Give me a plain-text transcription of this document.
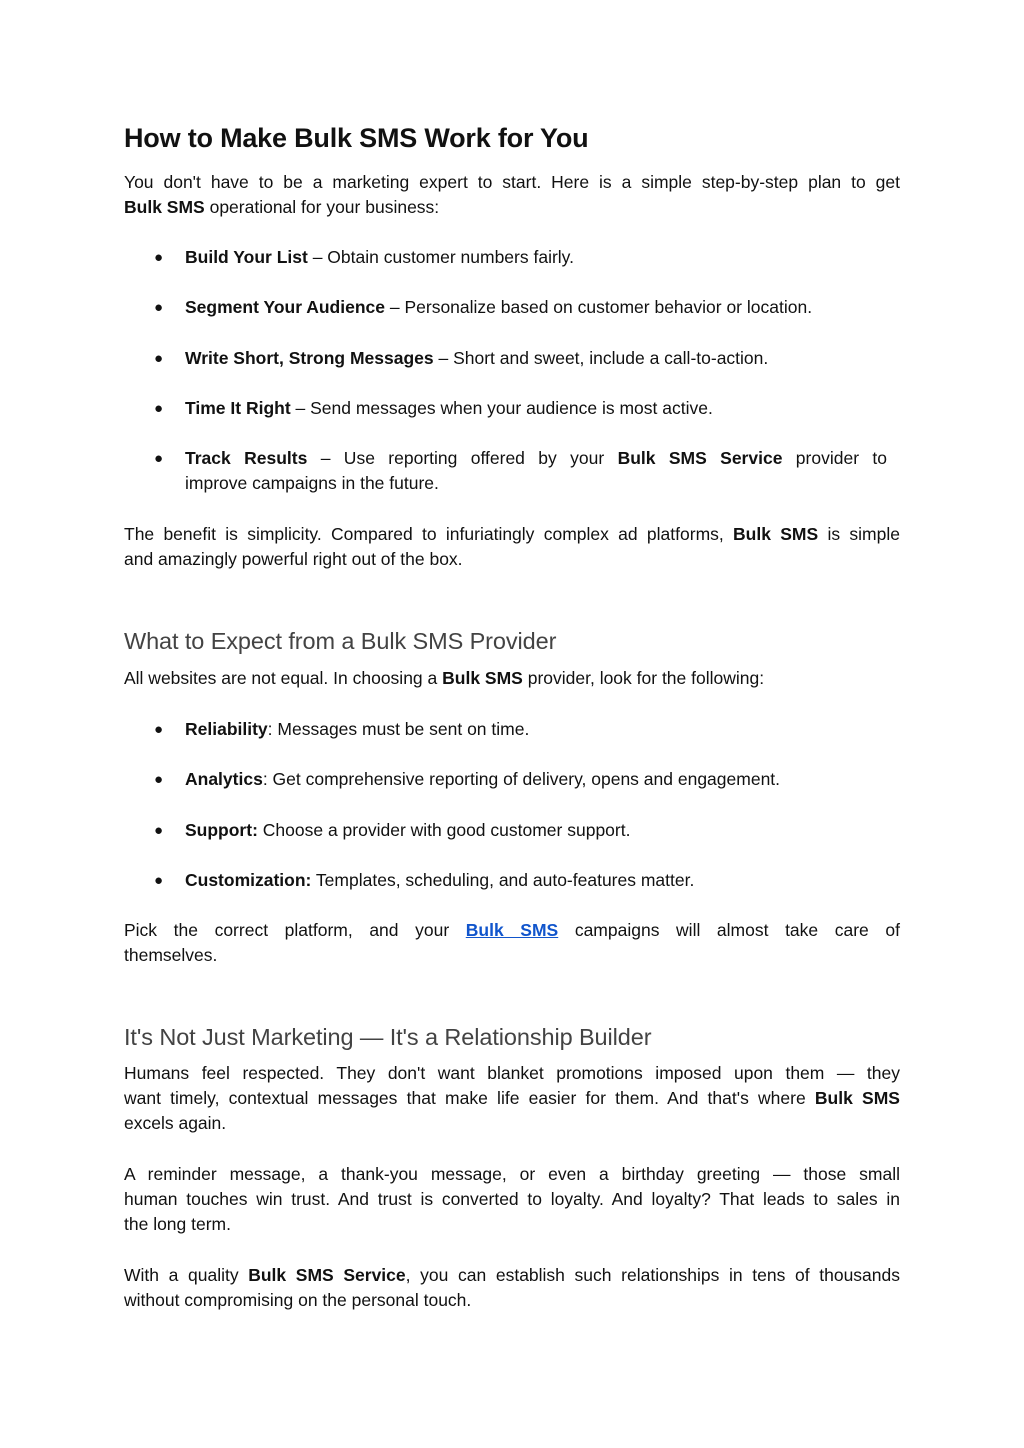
How to Make Bulk SMS Work for You

You don't have to be a marketing expert to start. Here is a simple step-by-step plan to get

Bulk SMS operational for your business:

● Build Your List – Obtain customer numbers fairly.
● Segment Your Audience – Personalize based on customer behavior or location.
● Write Short, Strong Messages – Short and sweet, include a call-to-action.
● Time It Right – Send messages when your audience is most active.
● Track Results – Use reporting offered by your Bulk SMS Service provider to
improve campaigns in the future.

The benefit is simplicity. Compared to infuriatingly complex ad platforms, Bulk SMS is simple

and amazingly powerful right out of the box.

What to Expect from a Bulk SMS Provider

All websites are not equal. In choosing a Bulk SMS provider, look for the following:

● Reliability: Messages must be sent on time.
● Analytics: Get comprehensive reporting of delivery, opens and engagement.
● Support: Choose a provider with good customer support.
● Customization: Templates, scheduling, and auto-features matter.

Pick the correct platform, and your Bulk SMS campaigns will almost take care of

themselves.

It's Not Just Marketing — It's a Relationship Builder

Humans feel respected. They don't want blanket promotions imposed upon them — they

want timely, contextual messages that make life easier for them. And that's where Bulk SMS

excels again.

A reminder message, a thank-you message, or even a birthday greeting — those small

human touches win trust. And trust is converted to loyalty. And loyalty? That leads to sales in

the long term.

With a quality Bulk SMS Service, you can establish such relationships in tens of thousands

without compromising on the personal touch.
